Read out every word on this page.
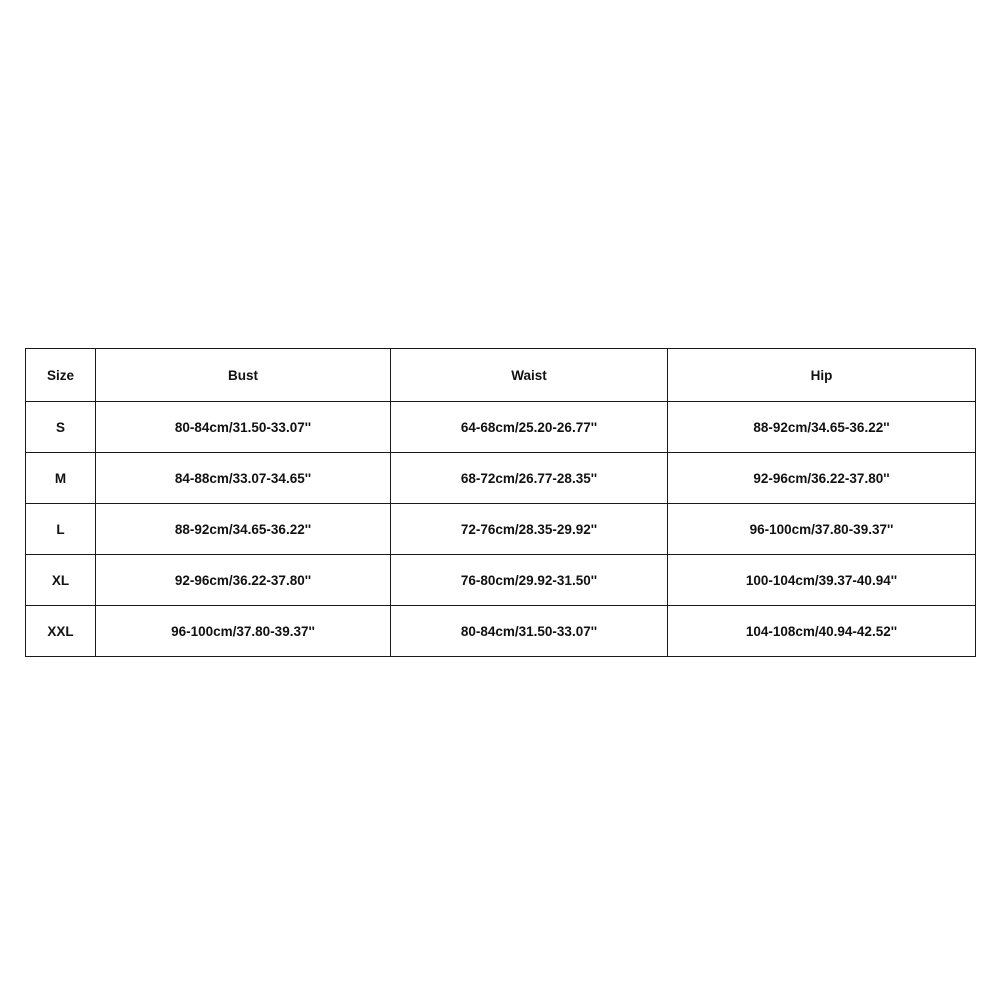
Size	Bust	Waist	Hip
S	80-84cm/31.50-33.07''	64-68cm/25.20-26.77''	88-92cm/34.65-36.22''
M	84-88cm/33.07-34.65''	68-72cm/26.77-28.35''	92-96cm/36.22-37.80''
L	88-92cm/34.65-36.22''	72-76cm/28.35-29.92''	96-100cm/37.80-39.37''
XL	92-96cm/36.22-37.80''	76-80cm/29.92-31.50''	100-104cm/39.37-40.94''
XXL	96-100cm/37.80-39.37''	80-84cm/31.50-33.07''	104-108cm/40.94-42.52''
